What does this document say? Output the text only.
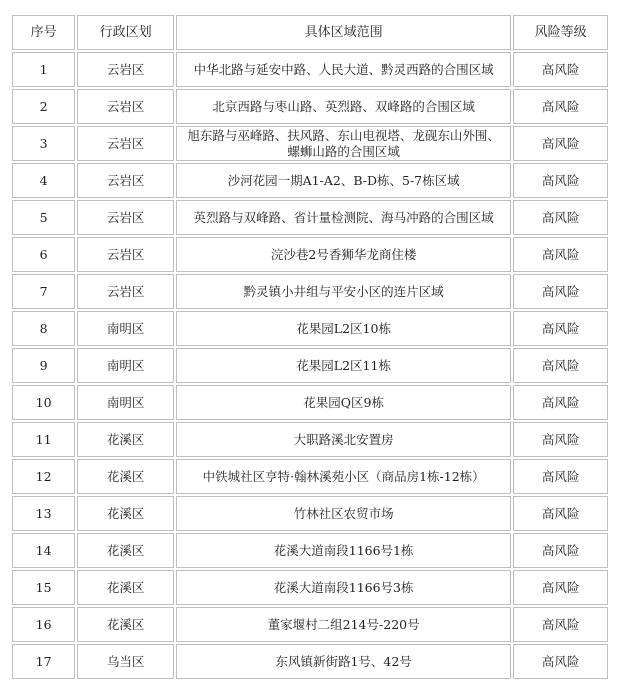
序号	行政区划	具体区域范围	风险等级
1	云岩区	中华北路与延安中路、人民大道、黔灵西路的合围区域	高风险
2	云岩区	北京西路与枣山路、英烈路、双峰路的合围区域	高风险
3	云岩区	旭东路与巫峰路、扶风路、东山电视塔、龙砚东山外围、螺蛳山路的合围区域	高风险
4	云岩区	沙河花园一期A1-A2、B-D栋、5-7栋区域	高风险
5	云岩区	英烈路与双峰路、省计量检测院、海马冲路的合围区域	高风险
6	云岩区	浣沙巷2号香狮华龙商住楼	高风险
7	云岩区	黔灵镇小井组与平安小区的连片区域	高风险
8	南明区	花果园L2区10栋	高风险
9	南明区	花果园L2区11栋	高风险
10	南明区	花果园Q区9栋	高风险
11	花溪区	大职路溪北安置房	高风险
12	花溪区	中铁城社区亨特·翰林溪苑小区（商品房1栋-12栋）	高风险
13	花溪区	竹林社区农贸市场	高风险
14	花溪区	花溪大道南段1166号1栋	高风险
15	花溪区	花溪大道南段1166号3栋	高风险
16	花溪区	董家堰村二组214号-220号	高风险
17	乌当区	东风镇新街路1号、42号	高风险
